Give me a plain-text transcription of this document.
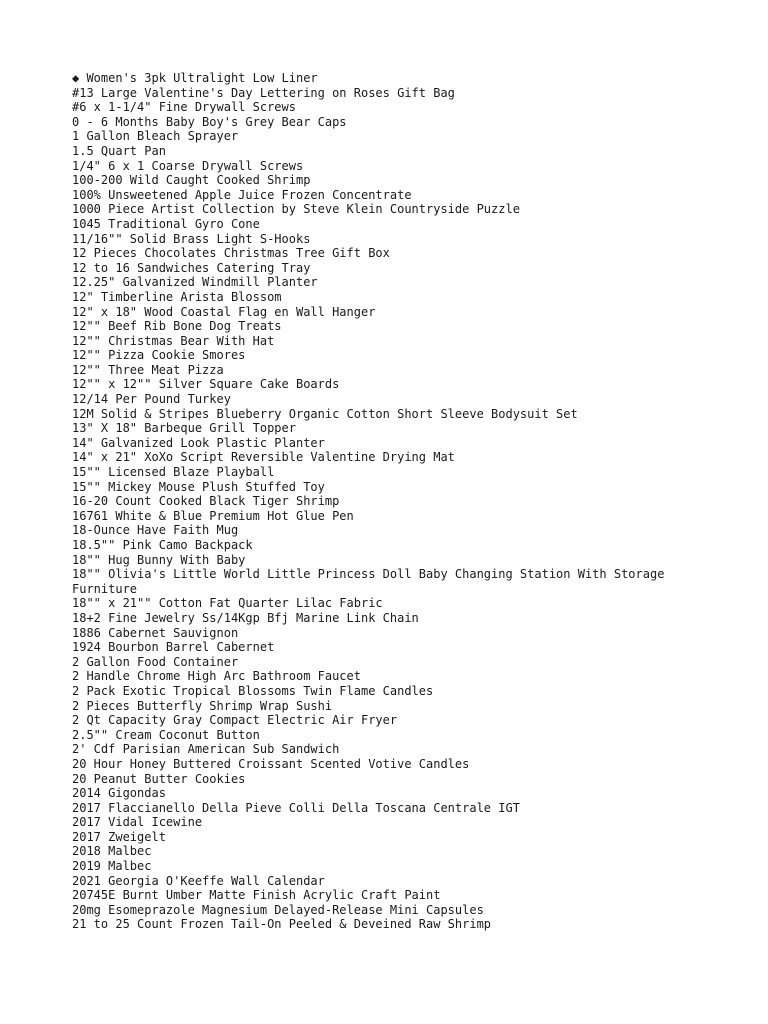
◆ Women's 3pk Ultralight Low Liner
#13 Large Valentine's Day Lettering on Roses Gift Bag
#6 x 1-1/4" Fine Drywall Screws
0 - 6 Months Baby Boy's Grey Bear Caps
1 Gallon Bleach Sprayer
1.5 Quart Pan
1/4" 6 x 1 Coarse Drywall Screws
100-200 Wild Caught Cooked Shrimp
100% Unsweetened Apple Juice Frozen Concentrate
1000 Piece Artist Collection by Steve Klein Countryside Puzzle
1045 Traditional Gyro Cone
11/16"" Solid Brass Light S-Hooks
12 Pieces Chocolates Christmas Tree Gift Box
12 to 16 Sandwiches Catering Tray
12.25" Galvanized Windmill Planter
12" Timberline Arista Blossom
12" x 18" Wood Coastal Flag en Wall Hanger
12"" Beef Rib Bone Dog Treats
12"" Christmas Bear With Hat
12"" Pizza Cookie Smores
12"" Three Meat Pizza
12"" x 12"" Silver Square Cake Boards
12/14 Per Pound Turkey
12M Solid & Stripes Blueberry Organic Cotton Short Sleeve Bodysuit Set
13" X 18" Barbeque Grill Topper
14" Galvanized Look Plastic Planter
14" x 21" XoXo Script Reversible Valentine Drying Mat
15"" Licensed Blaze Playball
15"" Mickey Mouse Plush Stuffed Toy
16-20 Count Cooked Black Tiger Shrimp
16761 White & Blue Premium Hot Glue Pen
18-Ounce Have Faith Mug
18.5"" Pink Camo Backpack
18"" Hug Bunny With Baby
18"" Olivia's Little World Little Princess Doll Baby Changing Station With Storage Furniture
18"" x 21"" Cotton Fat Quarter Lilac Fabric
18+2 Fine Jewelry Ss/14Kgp Bfj Marine Link Chain
1886 Cabernet Sauvignon
1924 Bourbon Barrel Cabernet
2 Gallon Food Container
2 Handle Chrome High Arc Bathroom Faucet
2 Pack Exotic Tropical Blossoms Twin Flame Candles
2 Pieces Butterfly Shrimp Wrap Sushi
2 Qt Capacity Gray Compact Electric Air Fryer
2.5"" Cream Coconut Button
2' Cdf Parisian American Sub Sandwich
20 Hour Honey Buttered Croissant Scented Votive Candles
20 Peanut Butter Cookies
2014 Gigondas
2017 Flaccianello Della Pieve Colli Della Toscana Centrale IGT
2017 Vidal Icewine
2017 Zweigelt
2018 Malbec
2019 Malbec
2021 Georgia O'Keeffe Wall Calendar
20745E Burnt Umber Matte Finish Acrylic Craft Paint
20mg Esomeprazole Magnesium Delayed-Release Mini Capsules
21 to 25 Count Frozen Tail-On Peeled & Deveined Raw Shrimp
